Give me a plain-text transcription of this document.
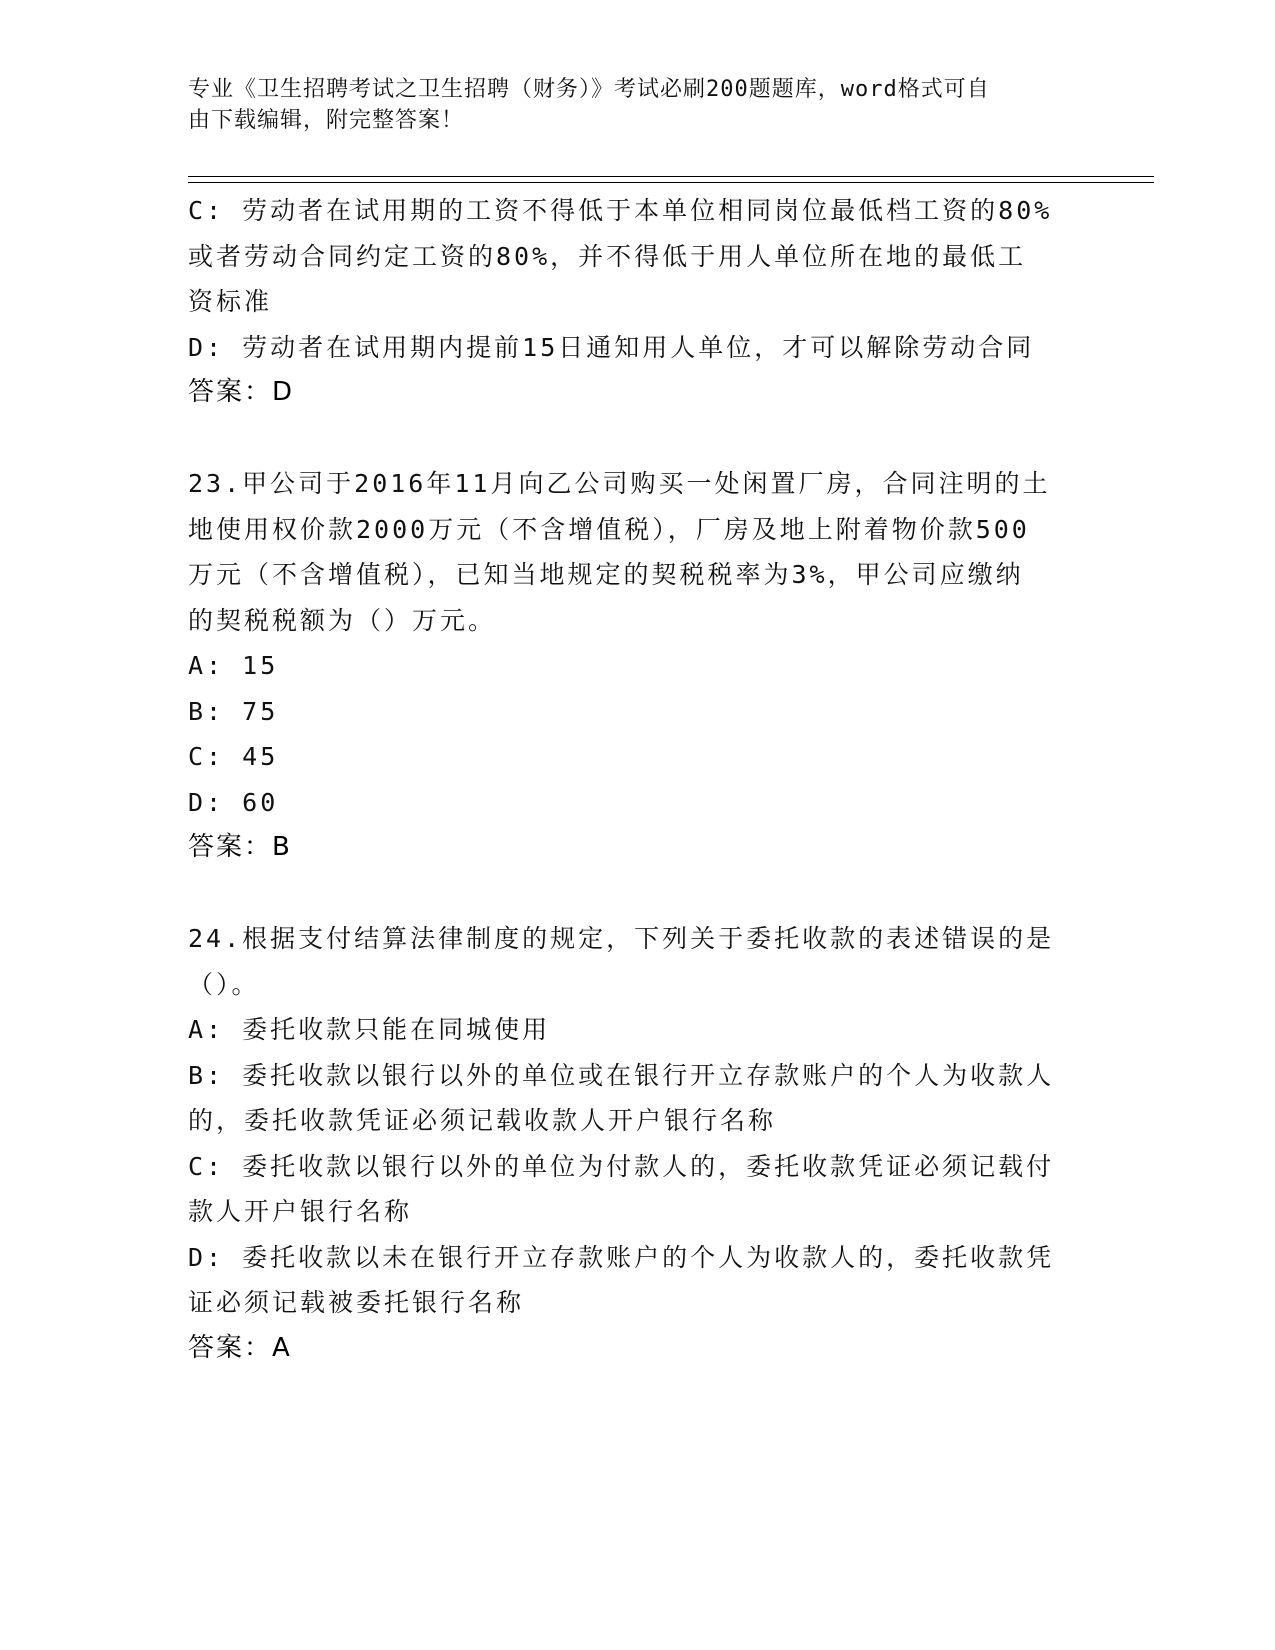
专业《卫生招聘考试之卫生招聘（财务）》考试必刷200题题库，word格式可自
由下载编辑，附完整答案！
C: 劳动者在试用期的工资不得低于本单位相同岗位最低档工资的80%
或者劳动合同约定工资的80%，并不得低于用人单位所在地的最低工
资标准
D: 劳动者在试用期内提前15日通知用人单位，才可以解除劳动合同
答案：D
23.甲公司于2016年11月向乙公司购买一处闲置厂房，合同注明的土
地使用权价款2000万元（不含增值税），厂房及地上附着物价款500
万元（不含增值税），已知当地规定的契税税率为3%，甲公司应缴纳
的契税税额为（）万元。
A: 15
B: 75
C: 45
D: 60
答案：B
24.根据支付结算法律制度的规定，下列关于委托收款的表述错误的是
（）。
A: 委托收款只能在同城使用
B: 委托收款以银行以外的单位或在银行开立存款账户的个人为收款人
的，委托收款凭证必须记载收款人开户银行名称
C: 委托收款以银行以外的单位为付款人的，委托收款凭证必须记载付
款人开户银行名称
D: 委托收款以未在银行开立存款账户的个人为收款人的，委托收款凭
证必须记载被委托银行名称
答案：A
